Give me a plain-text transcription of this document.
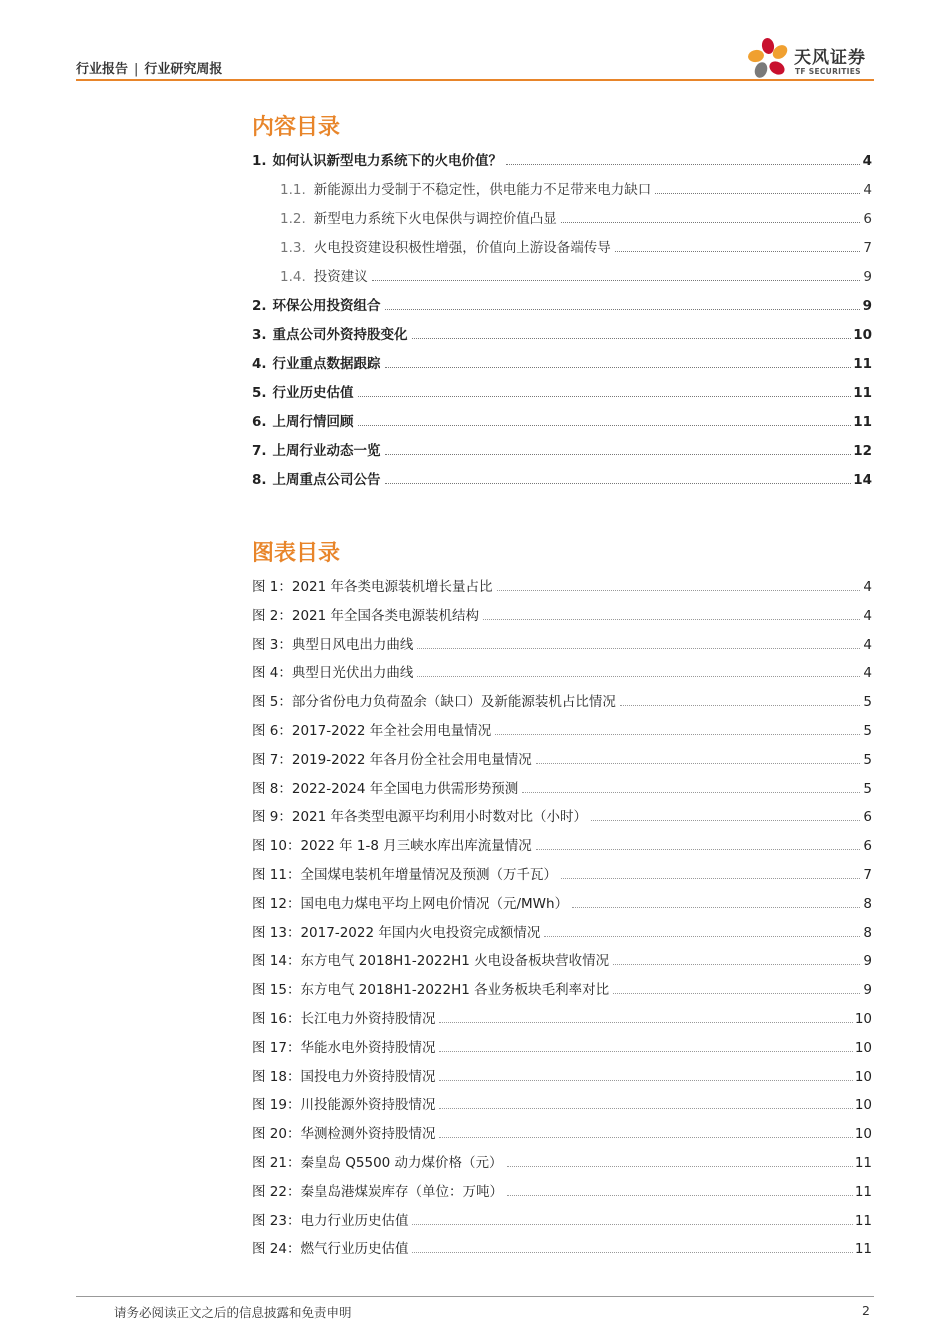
行业报告 | 行业研究周报
天风证券
TF SECURITIES
内容目录
1. 如何认识新型电力系统下的火电价值？	4
1.1. 新能源出力受制于不稳定性，供电能力不足带来电力缺口	4
1.2. 新型电力系统下火电保供与调控价值凸显	6
1.3. 火电投资建设积极性增强，价值向上游设备端传导	7
1.4. 投资建议	9
2. 环保公用投资组合	9
3. 重点公司外资持股变化	10
4. 行业重点数据跟踪	11
5. 行业历史估值	11
6. 上周行情回顾	11
7. 上周行业动态一览	12
8. 上周重点公司公告	14
图表目录
图 1：2021 年各类电源装机增长量占比	4
图 2：2021 年全国各类电源装机结构	4
图 3：典型日风电出力曲线	4
图 4：典型日光伏出力曲线	4
图 5：部分省份电力负荷盈余（缺口）及新能源装机占比情况	5
图 6：2017-2022 年全社会用电量情况	5
图 7：2019-2022 年各月份全社会用电量情况	5
图 8：2022-2024 年全国电力供需形势预测	5
图 9：2021 年各类型电源平均利用小时数对比（小时）	6
图 10：2022 年 1-8 月三峡水库出库流量情况	6
图 11：全国煤电装机年增量情况及预测（万千瓦）	7
图 12：国电电力煤电平均上网电价情况（元/MWh）	8
图 13：2017-2022 年国内火电投资完成额情况	8
图 14：东方电气 2018H1-2022H1 火电设备板块营收情况	9
图 15：东方电气 2018H1-2022H1 各业务板块毛利率对比	9
图 16：长江电力外资持股情况	10
图 17：华能水电外资持股情况	10
图 18：国投电力外资持股情况	10
图 19：川投能源外资持股情况	10
图 20：华测检测外资持股情况	10
图 21：秦皇岛 Q5500 动力煤价格（元）	11
图 22：秦皇岛港煤炭库存（单位：万吨）	11
图 23：电力行业历史估值	11
图 24：燃气行业历史估值	11
请务必阅读正文之后的信息披露和免责申明	2
